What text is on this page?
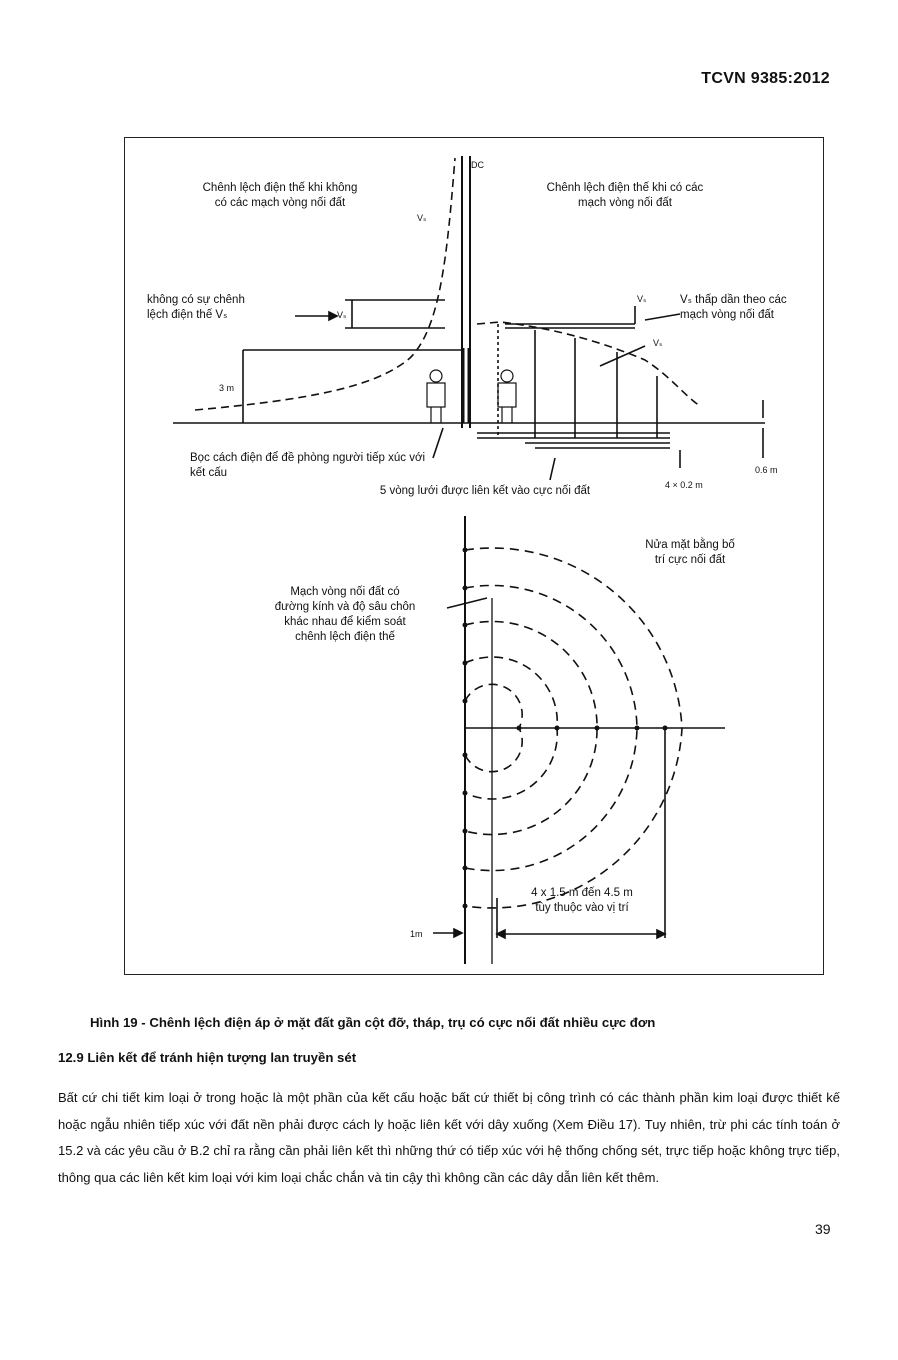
TCVN 9385:2012
DC
Chênh lệch điện thế khi không
có các mạch vòng nối đất
Chênh lệch điện thế khi có các
mạch vòng nối đất
Vₛ
không có sự chênh
lệch điện thế Vₛ	Vₛ
Vₛ	Vₛ thấp dần theo các
mạch vòng nối đất
Vₛ
3 m
Bọc cách điện để đề phòng người tiếp xúc với
kết cấu
5 vòng lưới được liên kết vào cực nối đất	4 × 0.2 m
0.6 m
Nửa mặt bằng bố
trí cực nối đất
Mạch vòng nối đất có
đường kính và độ sâu chôn
khác nhau để kiểm soát
chênh lệch điện thế
4 x 1.5 m đến 4.5 m
tùy thuộc vào vị trí
1m
Hình 19 - Chênh lệch điện áp ở mặt đất gần cột đỡ, tháp, trụ có cực nối đất nhiều cực đơn
12.9 Liên kết để tránh hiện tượng lan truyền sét
Bất cứ chi tiết kim loại ở trong hoặc là một phần của kết cấu hoặc bất cứ thiết bị công trình có các thành phần kim loại được thiết kế hoặc ngẫu nhiên tiếp xúc với đất nền phải được cách ly hoặc liên kết với dây xuống (Xem Điều 17). Tuy nhiên, trừ phi các tính toán ở 15.2 và các yêu cầu ở B.2 chỉ ra rằng cần phải liên kết thì những thứ có tiếp xúc với hệ thống chống sét, trực tiếp hoặc không trực tiếp, thông qua các liên kết kim loại với kim loại chắc chắn và tin cậy thì không cần các dây dẫn liên kết thêm.
39
